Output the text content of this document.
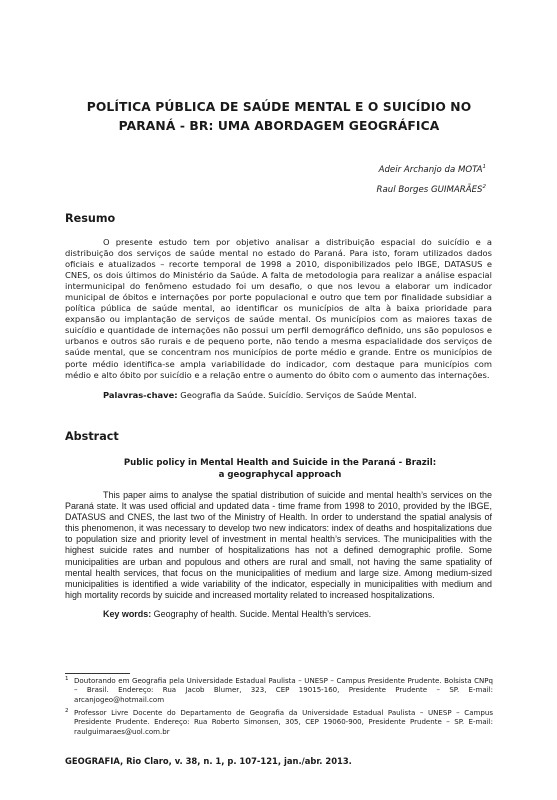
POLÍTICA PÚBLICA DE SAÚDE MENTAL E O SUICÍDIO NO
PARANÁ - BR: UMA ABORDAGEM GEOGRÁFICA
Adeir Archanjo da MOTA$^1$
Raul Borges GUIMARÃES$^2$
Resumo

O presente estudo tem por objetivo analisar a distribuição espacial do suicídio e a distribuição dos serviços de saúde mental no estado do Paraná. Para isto, foram utilizados dados oficiais e atualizados – recorte temporal de 1998 a 2010, disponibilizados pelo IBGE, DATASUS e CNES, os dois últimos do Ministério da Saúde. A falta de metodologia para realizar a análise espacial intermunicipal do fenômeno estudado foi um desafio, o que nos levou a elaborar um indicador municipal de óbitos e internações por porte populacional e outro que tem por finalidade subsidiar a política pública de saúde mental, ao identificar os municípios de alta à baixa prioridade para expansão ou implantação de serviços de saúde mental. Os municípios com as maiores taxas de suicídio e quantidade de internações não possui um perfil demográfico definido, uns são populosos e urbanos e outros são rurais e de pequeno porte, não tendo a mesma espacialidade dos serviços de saúde mental, que se concentram nos municípios de porte médio e grande. Entre os municípios de porte médio identifica-se ampla variabilidade do indicador, com destaque para municípios com médio e alto óbito por suicídio e a relação entre o aumento do óbito com o aumento das internações.

Palavras-chave: Geografia da Saúde. Suicídio. Serviços de Saúde Mental.
Abstract
Public policy in Mental Health and Suicide in the Paraná - Brazil:
a geographycal approach

This paper aims to analyse the spatial distribution of suicide and mental health’s services on the Paraná state. It was used official and updated data - time frame from 1998 to 2010, provided by the IBGE, DATASUS and CNES, the last two of the Ministry of Health. In order to understand the spatial analysis of this phenomenon, it was necessary to develop two new indicators: index of deaths and hospitalizations due to population size and priority level of investment in mental health’s services. The municipalities with the highest suicide rates and number of hospitalizations has not a defined demographic profile. Some municipalities are urban and populous and others are rural and small, not having the same spatiality of mental health services, that focus on the municipalities of medium and large size. Among medium-sized municipalities is identified a wide variability of the indicator, especially in municipalities with medium and high mortality records by suicide and increased mortality related to increased hospitalizations.

Key words: Geography of health. Sucide. Mental Health’s services.
1 Doutorando em Geografia pela Universidade Estadual Paulista – UNESP – Campus Presidente Prudente. Bolsista CNPq – Brasil. Endereço: Rua Jacob Blumer, 323, CEP 19015-160, Presidente Prudente – SP. E-mail: arcanjogeo@hotmail.com
2 Professor Livre Docente do Departamento de Geografia da Universidade Estadual Paulista – UNESP – Campus Presidente Prudente. Endereço: Rua Roberto Simonsen, 305, CEP 19060-900, Presidente Prudente – SP. E-mail: raulguimaraes@uol.com.br
GEOGRAFIA, Rio Claro, v. 38, n. 1, p. 107-121, jan./abr. 2013.
